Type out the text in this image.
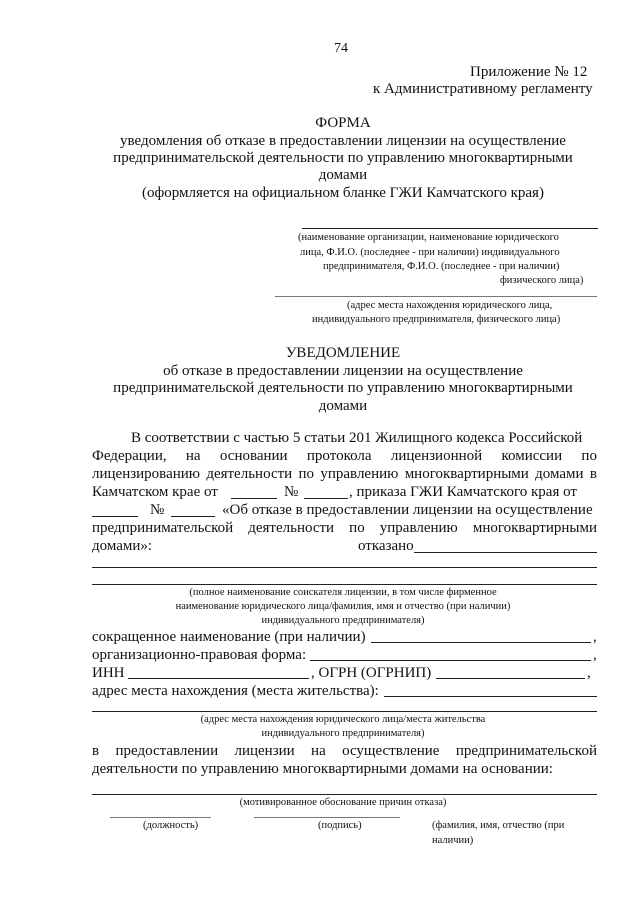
74
Приложение № 12
к Административному регламенту
ФОРМА
уведомления об отказе в предоставлении лицензии на осуществление
предпринимательской деятельности по управлению многоквартирными
домами
(оформляется на официальном бланке ГЖИ Камчатского края)
(наименование организации, наименование юридического
лица, Ф.И.О. (последнее - при наличии) индивидуального
предпринимателя, Ф.И.О. (последнее - при наличии)
физического лица)
(адрес места нахождения юридического лица,
индивидуального предпринимателя, физического лица)
УВЕДОМЛЕНИЕ
об отказе в предоставлении лицензии на осуществление
предпринимательской деятельности по управлению многоквартирными
домами
В соответствии с частью 5 статьи 201 Жилищного кодекса Российской
Федерации, на основании протокола лицензионной комиссии по
лицензированию деятельности по управлению многоквартирными домами в
Камчатском крае от	№	, приказа ГЖИ Камчатского края от
№	«Об отказе в предоставлении лицензии на осуществление
предпринимательской деятельности по управлению многоквартирными
домами»:	отказано
(полное наименование соискателя лицензии, в том числе фирменное
наименование юридического лица/фамилия, имя и отчество (при наличии)
индивидуального предпринимателя)
сокращенное наименование (при наличии)	,
организационно-правовая форма:	,
ИНН	, ОГРН (ОГРНИП)	,
адрес места нахождения (места жительства):
(адрес места нахождения юридического лица/места жительства
индивидуального предпринимателя)
в предоставлении лицензии на осуществление предпринимательской
деятельности по управлению многоквартирными домами на основании:
(мотивированное обоснование причин отказа)
(должность)	(подпись)	(фамилия, имя, отчество (при
наличии)
